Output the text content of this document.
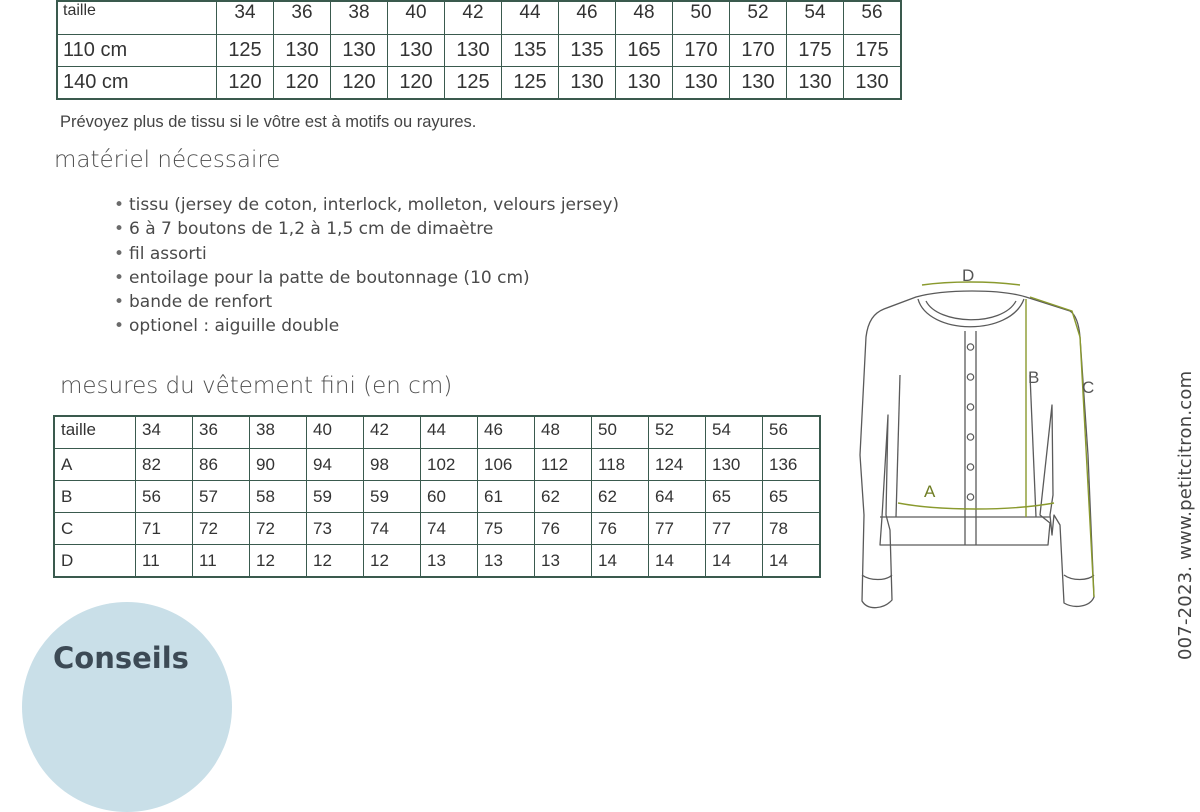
taille	34	36	38	40	42	44	46	48	50	52	54	56
110 cm	125	130	130	130	130	135	135	165	170	170	175	175
140 cm	120	120	120	120	125	125	130	130	130	130	130	130
Prévoyez plus de tissu si le vôtre est à motifs ou rayures.
matériel nécessaire
• tissu (jersey de coton, interlock, molleton, velours jersey)
• 6 à 7 boutons de 1,2 à 1,5 cm de dimaètre
• fil assorti
• entoilage pour la patte de boutonnage (10 cm)
• bande de renfort
• optionel : aiguille double
mesures du vêtement fini (en cm)
taille	34	36	38	40	42	44	46	48	50	52	54	56
A	82	86	90	94	98	102	106	112	118	124	130	136
B	56	57	58	59	59	60	61	62	62	64	65	65
C	71	72	72	73	74	74	75	76	76	77	77	78
D	11	11	12	12	12	13	13	13	14	14	14	14
D
B
C
A
Conseils	007-2023. www.petitcitron.com
